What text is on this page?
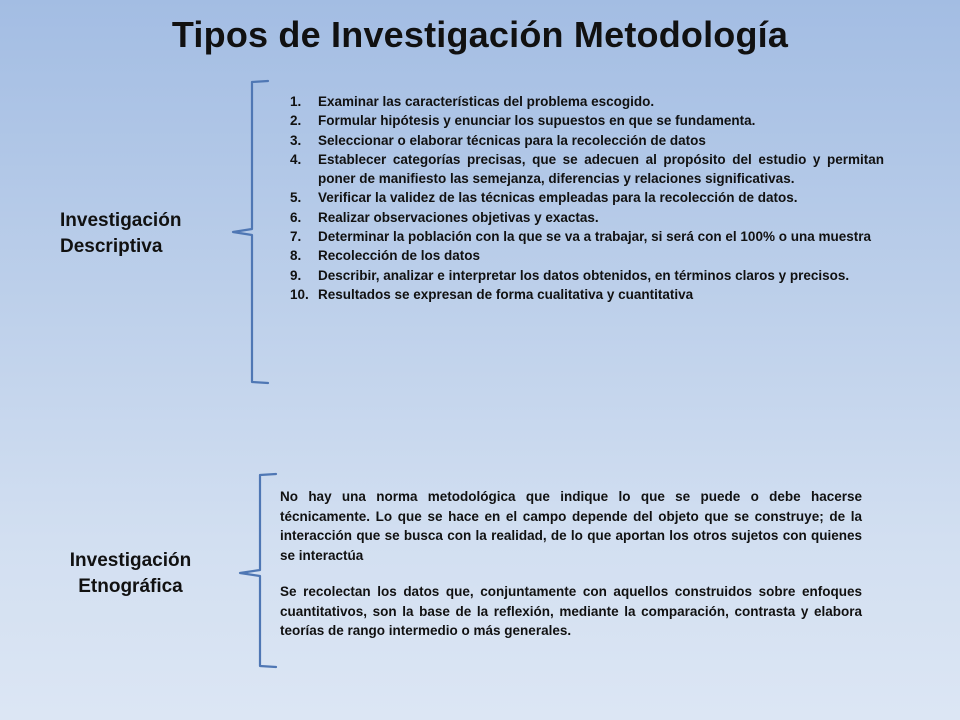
Tipos de Investigación Metodología
Investigación
Descriptiva
1.	Examinar las características del problema escogido.
2.	Formular hipótesis y enunciar los supuestos en que se fundamenta.
3.	Seleccionar o elaborar técnicas para la recolección de datos
4.	Establecer categorías precisas, que se adecuen al propósito del estudio y permitan poner de manifiesto las semejanza, diferencias y relaciones significativas.
5.	Verificar la validez de las técnicas empleadas para la recolección de datos.
6.	Realizar observaciones objetivas y exactas.
7.	Determinar la población con la que se va a trabajar, si será con el 100% o una muestra
8.	Recolección de los datos
9.	Describir, analizar e interpretar los datos obtenidos, en términos claros y precisos.
10. Resultados se expresan de forma cualitativa y cuantitativa
Investigación
Etnográfica

No hay una norma metodológica que indique lo que se puede o debe hacerse técnicamente. Lo que se hace en el campo depende del objeto que se construye; de la interacción que se busca con la realidad, de lo que aportan los otros sujetos con quienes se interactúa

Se recolectan los datos que, conjuntamente con aquellos construidos sobre enfoques cuantitativos, son la base de la reflexión, mediante la comparación, contrasta y elabora teorías de rango intermedio o más generales.
